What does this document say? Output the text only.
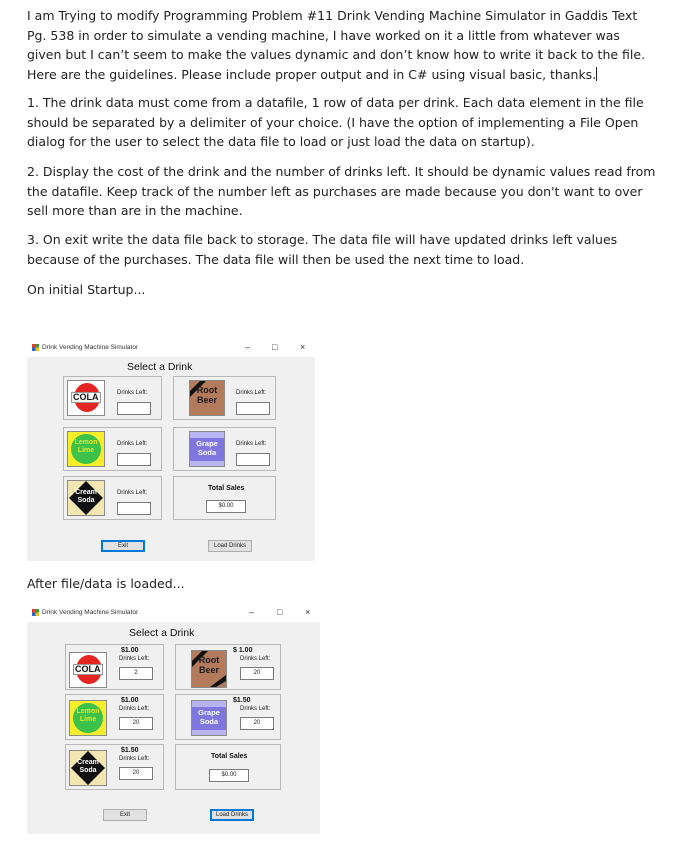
I am Trying to modify Programming Problem #11 Drink Vending Machine Simulator in Gaddis Text Pg. 538 in order to simulate a vending machine, I have worked on it a little from whatever was given but I can’t seem to make the values dynamic and don’t know how to write it back to the file. Here are the guidelines. Please include proper output and in C# using visual basic, thanks.

1. The drink data must come from a datafile, 1 row of data per drink. Each data element in the file should be separated by a delimiter of your choice. (I have the option of implementing a File Open dialog for the user to select the data file to load or just load the data on startup).

2. Display the cost of the drink and the number of drinks left. It should be dynamic values read from the datafile. Keep track of the number left as purchases are made because you don't want to over sell more than are in the machine.

3. On exit write the data file back to storage. The data file will have updated drinks left values because of the purchases. The data file will then be used the next time to load.

On initial Startup...

Drink Vending Machine Simulator	– □	×
Select a Drink
COLA	Drinks Left:	Root
Beer
Drinks Left:
Lemon
Lime
Drinks Left:	Grape
Soda
Drinks Left:
Cream
Soda
Drinks Left:
Total Sales
$0.00
Exit	Load Drinks

After file/data is loaded...

Drink Vending Machine Simulator	–	□	×
Select a Drink
COLA
$1.00
Drinks Left:
2
Root
Beer
$ 1.00
Drinks Left:
20
Lemon
Lime
$1.00
Drinks Left:
20
Grape
Soda
$1.50
Drinks Left:
20
Cream
Soda
$1.50
Drinks Left:
20
Total Sales
$0.00
Exit	Load Drinks
